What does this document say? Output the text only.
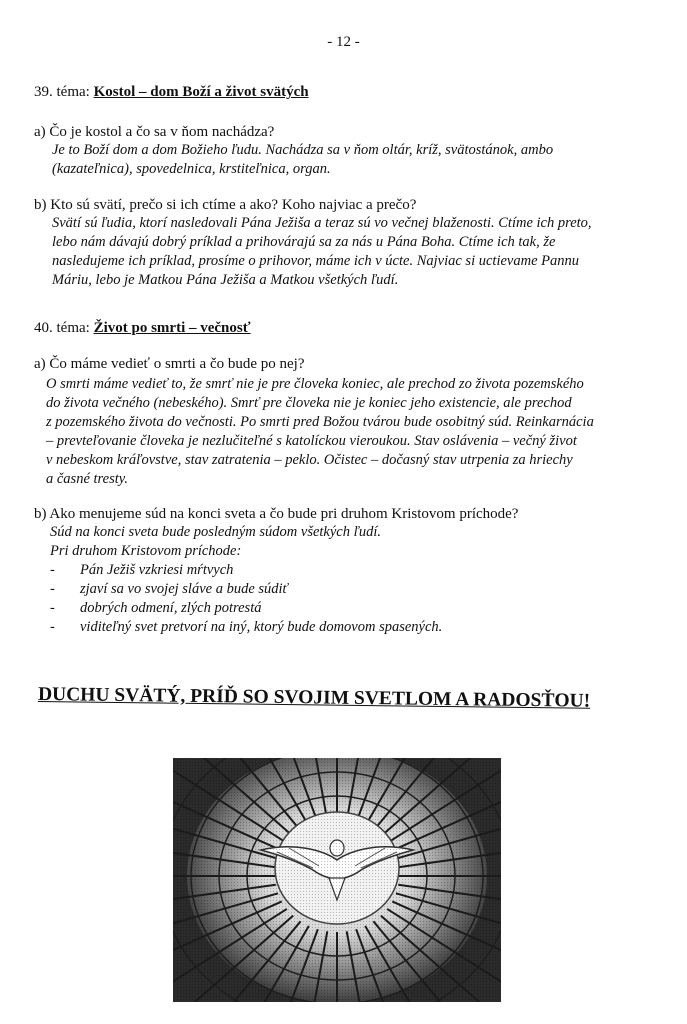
- 12 -
39. téma: Kostol – dom Boží a život svätých
a) Čo je kostol a čo sa v ňom nachádza?
Je to Boží dom a dom Božieho ľudu. Nachádza sa v ňom oltár, kríž, svätostánok, ambo
(kazateľnica), spovedelnica, krstiteľnica, organ.
b) Kto sú svätí, prečo si ich ctíme a ako? Koho najviac a prečo?
Svätí sú ľudia, ktorí nasledovali Pána Ježiša a teraz sú vo večnej blaženosti. Ctíme ich preto,
lebo nám dávajú dobrý príklad a prihovárajú sa za nás u Pána Boha. Ctíme ich tak, že
nasledujeme ich príklad, prosíme o prihovor, máme ich v úcte. Najviac si uctievame Pannu
Máriu, lebo je Matkou Pána Ježiša a Matkou všetkých ľudí.
40. téma: Život po smrti – večnosť
a) Čo máme vedieť o smrti a čo bude po nej?
O smrti máme vedieť to, že smrť nie je pre človeka koniec, ale prechod zo života pozemského
do života večného (nebeského). Smrť pre človeka nie je koniec jeho existencie, ale prechod
z pozemského života do večnosti. Po smrti pred Božou tvárou bude osobitný súd. Reinkarnácia
– prevteľovanie človeka je nezlučiteľné s katolíckou vieroukou. Stav oslávenia – večný život
v nebeskom kráľovstve, stav zatratenia – peklo. Očistec – dočasný stav utrpenia za hriechy
a časné tresty.
b) Ako menujeme súd na konci sveta a čo bude pri druhom Kristovom príchode?
Súd na konci sveta bude posledným súdom všetkých ľudí.
Pri druhom Kristovom príchode:
-	Pán Ježiš vzkriesi mŕtvych
-	zjaví sa vo svojej sláve a bude súdiť
-	dobrých odmení, zlých potrestá
-	viditeľný svet pretvorí na iný, ktorý bude domovom spasených.
DUCHU SVÄTÝ, PRÍĎ SO SVOJIM SVETLOM A RADOSŤOU!
